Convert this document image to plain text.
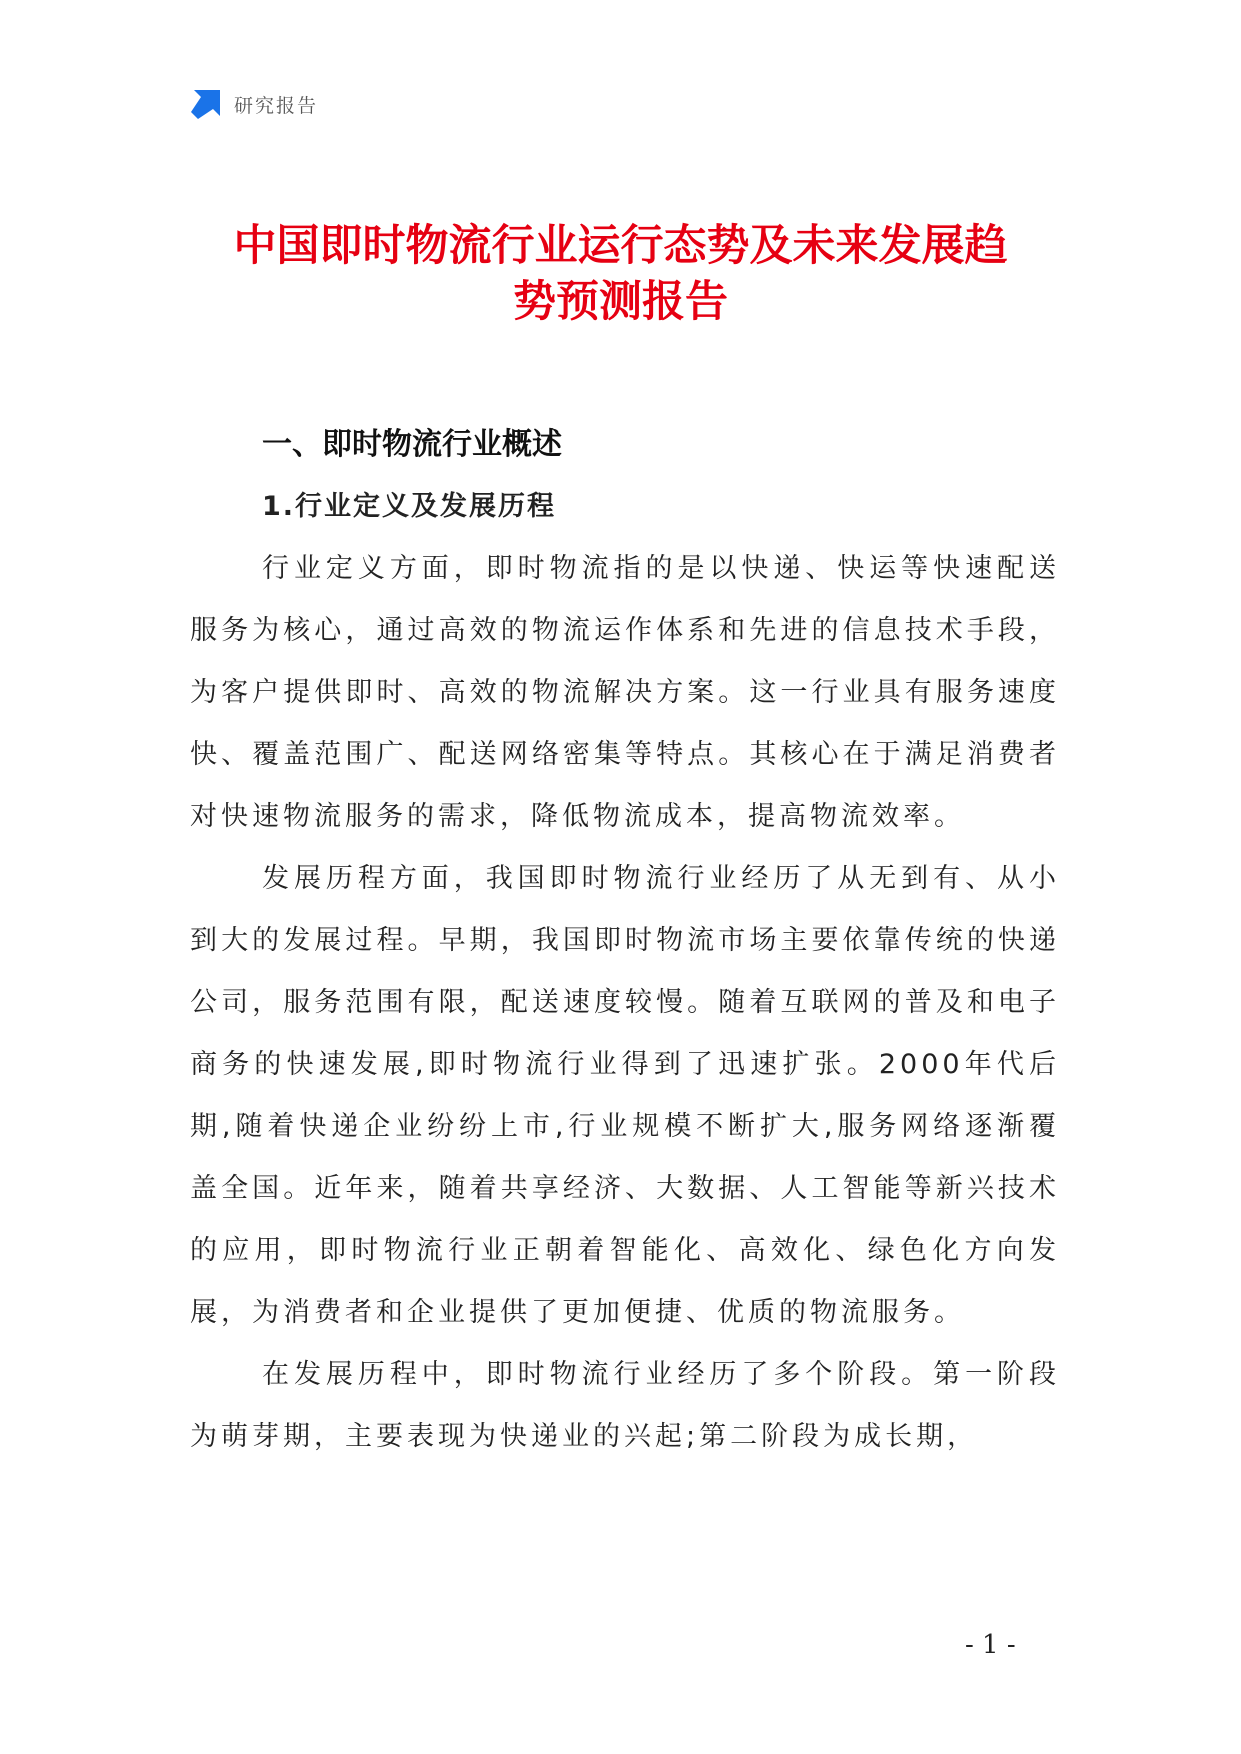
研究报告
中国即时物流行业运行态势及未来发展趋
势预测报告
一、即时物流行业概述
1.行业定义及发展历程

行业定义方面，即时物流指的是以快递、快运等快速配送服务为核心，通过高效的物流运作体系和先进的信息技术手段，为客户提供即时、高效的物流解决方案。这一行业具有服务速度快、覆盖范围广、配送网络密集等特点。其核心在于满足消费者对快速物流服务的需求，降低物流成本，提高物流效率。

发展历程方面，我国即时物流行业经历了从无到有、从小到大的发展过程。早期，我国即时物流市场主要依靠传统的快递公司，服务范围有限，配送速度较慢。随着互联网的普及和电子商务的快速发展,即时物流行业得到了迅速扩张。2000年代后期,随着快递企业纷纷上市,行业规模不断扩大,服务网络逐渐覆盖全国。近年来，随着共享经济、大数据、人工智能等新兴技术的应用，即时物流行业正朝着智能化、高效化、绿色化方向发展，为消费者和企业提供了更加便捷、优质的物流服务。

在发展历程中，即时物流行业经历了多个阶段。第一阶段为萌芽期，主要表现为快递业的兴起;第二阶段为成长期，

- 1 -
